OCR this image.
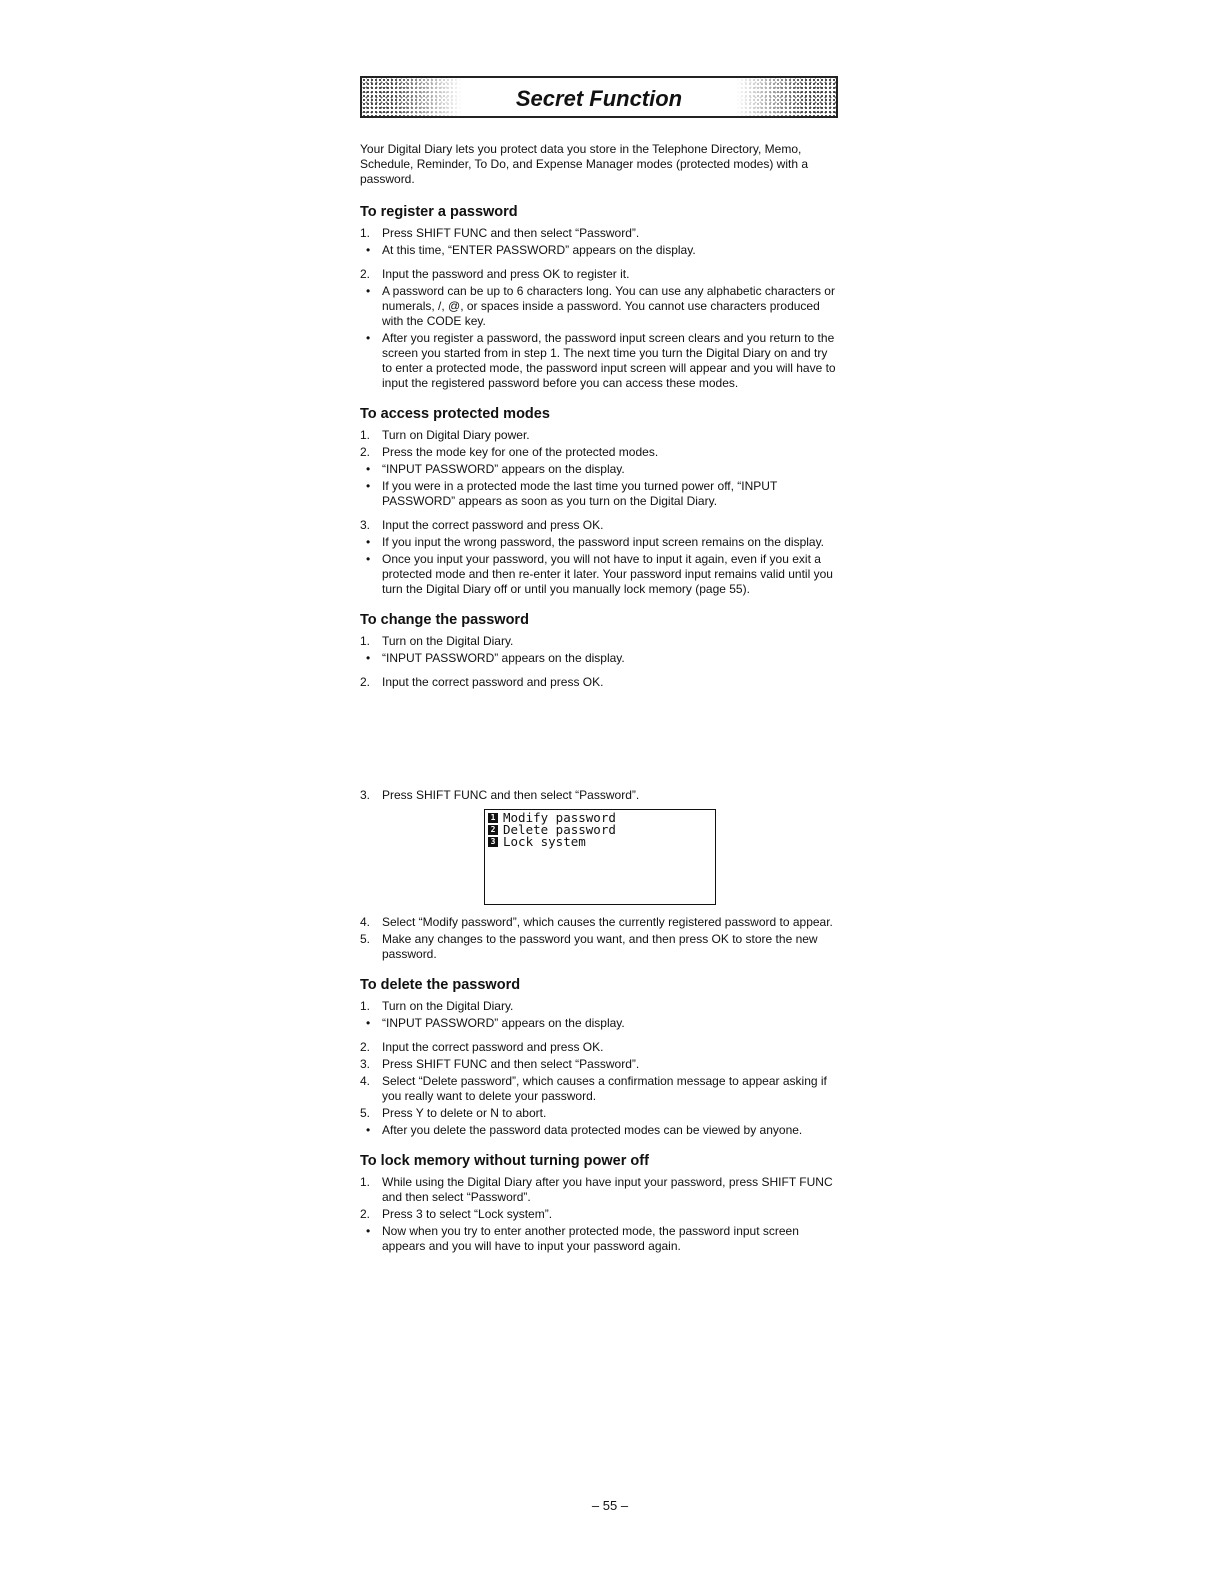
Secret Function

Your Digital Diary lets you protect data you store in the Telephone Directory, Memo, Schedule, Reminder, To Do, and Expense Manager modes (protected modes) with a password.

To register a password
1. Press SHIFT FUNC and then select “Password”.
• At this time, “ENTER PASSWORD” appears on the display.
2. Input the password and press OK to register it.
• A password can be up to 6 characters long. You can use any alphabetic characters or numerals, /, @, or spaces inside a password. You cannot use characters produced with the CODE key.
• After you register a password, the password input screen clears and you return to the screen you started from in step 1. The next time you turn the Digital Diary on and try to enter a protected mode, the password input screen will appear and you will have to input the registered password before you can access these modes.
To access protected modes
1. Turn on Digital Diary power.
2. Press the mode key for one of the protected modes.
• “INPUT PASSWORD” appears on the display.
• If you were in a protected mode the last time you turned power off, “INPUT PASSWORD” appears as soon as you turn on the Digital Diary.
3. Input the correct password and press OK.
• If you input the wrong password, the password input screen remains on the display.
• Once you input your password, you will not have to input it again, even if you exit a protected mode and then re-enter it later. Your password input remains valid until you turn the Digital Diary off or until you manually lock memory (page 55).
To change the password
1. Turn on the Digital Diary.
• “INPUT PASSWORD” appears on the display.
2. Input the correct password and press OK.
3. Press SHIFT FUNC and then select “Password”.
1 Modify password
2 Delete password
3 Lock system
4. Select “Modify password”, which causes the currently registered password to appear.
5. Make any changes to the password you want, and then press OK to store the new password.
To delete the password
1. Turn on the Digital Diary.
• “INPUT PASSWORD” appears on the display.
2. Input the correct password and press OK.
3. Press SHIFT FUNC and then select “Password”.
4. Select “Delete password”, which causes a confirmation message to appear asking if you really want to delete your password.
5. Press Y to delete or N to abort.
• After you delete the password data protected modes can be viewed by anyone.
To lock memory without turning power off
1. While using the Digital Diary after you have input your password, press SHIFT FUNC and then select “Password”.
2. Press 3 to select “Lock system”.
• Now when you try to enter another protected mode, the password input screen appears and you will have to input your password again.
– 55 –
